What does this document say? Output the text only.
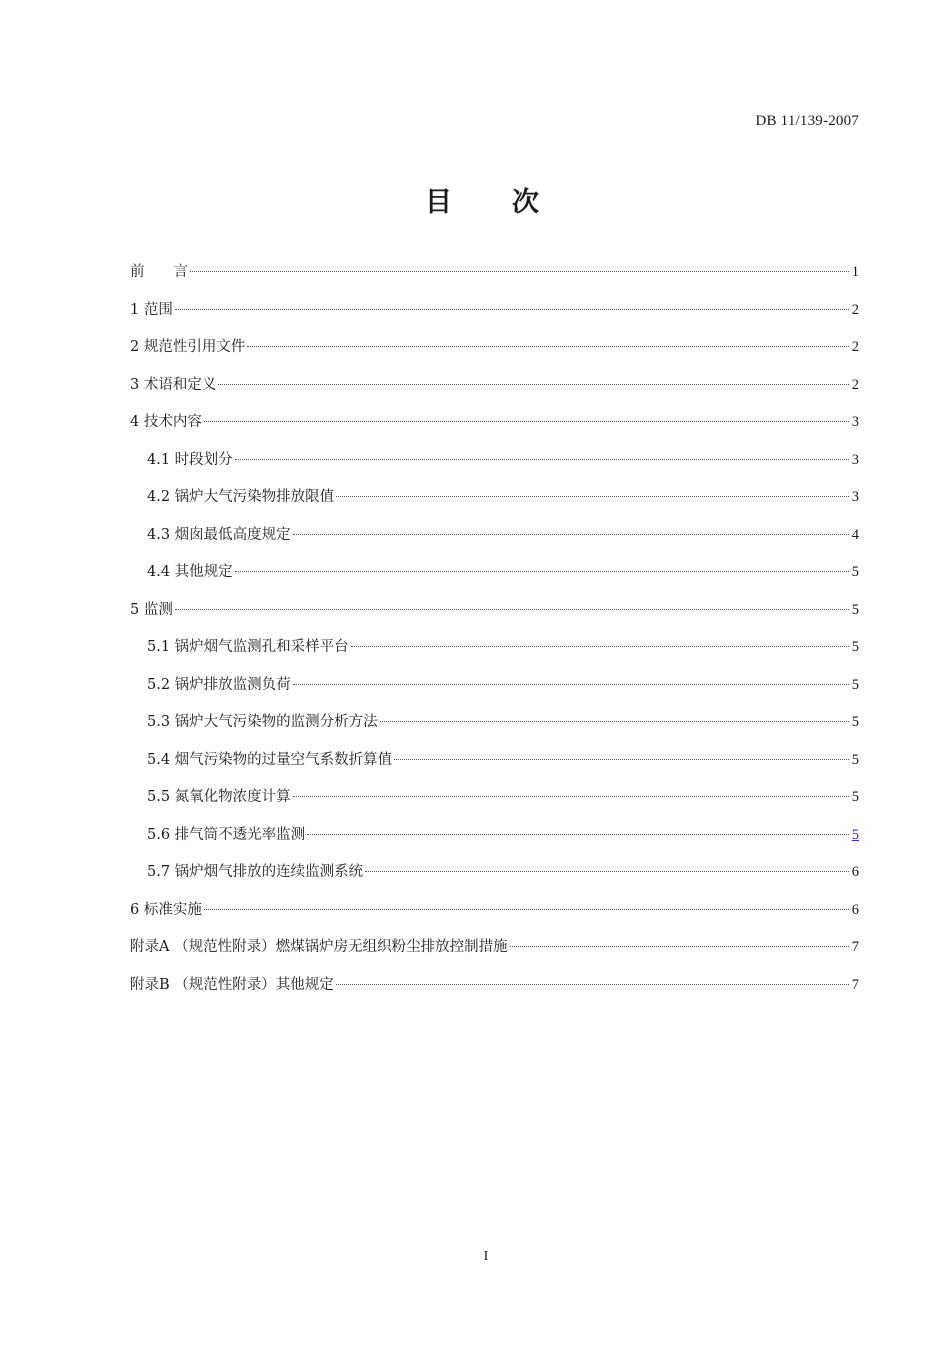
DB 11/139-2007
目　　次
前　　言	1
1 范围	2
2 规范性引用文件	2
3 术语和定义	2
4 技术内容	3
4.1 时段划分	3
4.2 锅炉大气污染物排放限值	3
4.3 烟囱最低高度规定	4
4.4 其他规定	5
5 监测	5
5.1 锅炉烟气监测孔和采样平台	5
5.2 锅炉排放监测负荷	5
5.3 锅炉大气污染物的监测分析方法	5
5.4 烟气污染物的过量空气系数折算值	5
5.5 氮氧化物浓度计算	5
5.6 排气筒不透光率监测	5
5.7 锅炉烟气排放的连续监测系统	6
6 标准实施	6
附录A （规范性附录）燃煤锅炉房无组织粉尘排放控制措施	7
附录B （规范性附录）其他规定	7
I
